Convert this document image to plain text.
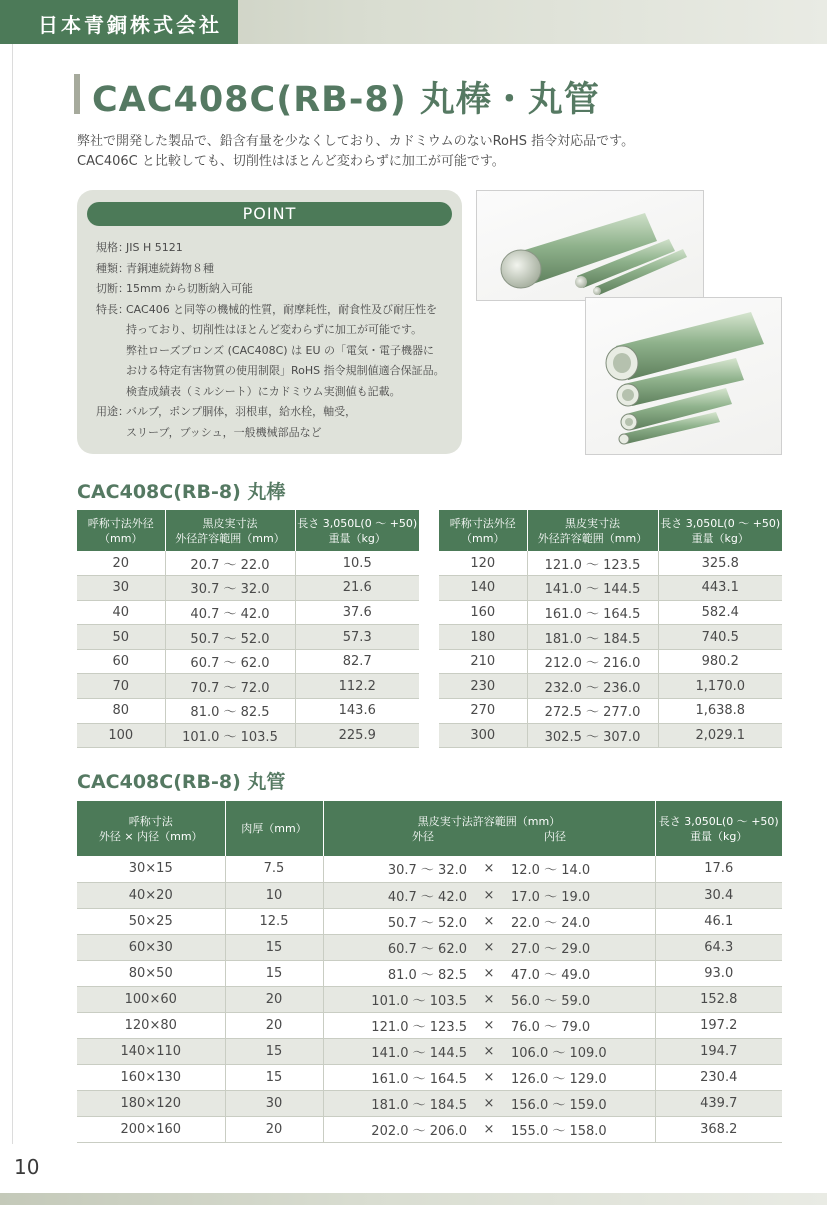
日本青銅株式会社
CAC408C(RB-8) 丸棒・丸管
弊社で開発した製品で、鉛含有量を少なくしており、カドミウムのないRoHS 指令対応品です。
CAC406C と比較しても、切削性はほとんど変わらずに加工が可能です。
POINT
規格：
JIS H 5121
種類：
青銅連続鋳物８種
切断：
15mm から切断納入可能
特長：
CAC406 と同等の機械的性質，耐摩耗性，耐食性及び耐圧性を
持っており、切削性はほとんど変わらずに加工が可能です。
弊社ローズブロンズ (CAC408C) は EU の「電気・電子機器に
おける特定有害物質の使用制限」RoHS 指令規制値適合保証品。
検査成績表（ミルシート）にカドミウム実測値も記載。
用途：
バルブ，ポンプ胴体，羽根車，給水栓，軸受，
スリーブ，ブッシュ，一般機械部品など
CAC408C(RB-8) 丸棒
呼称寸法外径
（mm）	黒皮実寸法
外径許容範囲（mm）	長さ 3,050L(0 ～ +50)
重量（kg）
20	20.7 ～ 22.0	10.5
30	30.7 ～ 32.0	21.6
40	40.7 ～ 42.0	37.6
50	50.7 ～ 52.0	57.3
60	60.7 ～ 62.0	82.7
70	70.7 ～ 72.0	112.2
80	81.0 ～ 82.5	143.6
100	101.0 ～ 103.5	225.9
呼称寸法外径
（mm）	黒皮実寸法
外径許容範囲（mm）	長さ 3,050L(0 ～ +50)
重量（kg）
120	121.0 ～ 123.5	325.8
140	141.0 ～ 144.5	443.1
160	161.0 ～ 164.5	582.4
180	181.0 ～ 184.5	740.5
210	212.0 ～ 216.0	980.2
230	232.0 ～ 236.0	1,170.0
270	272.5 ～ 277.0	1,638.8
300	302.5 ～ 307.0	2,029.1
CAC408C(RB-8) 丸管
呼称寸法
外径 × 内径（mm）	肉厚（mm）	黒皮実寸法許容範囲（mm）

外径 内径	長さ 3,050L(0 ～ +50)
重量（kg）
30×15	7.5	30.7 ～ 32.0 × 12.0 ～ 14.0	17.6
40×20	10	40.7 ～ 42.0 × 17.0 ～ 19.0	30.4
50×25	12.5	50.7 ～ 52.0 × 22.0 ～ 24.0	46.1
60×30	15	60.7 ～ 62.0 × 27.0 ～ 29.0	64.3
80×50	15	81.0 ～ 82.5 × 47.0 ～ 49.0	93.0
100×60	20	101.0 ～ 103.5 × 56.0 ～ 59.0	152.8
120×80	20	121.0 ～ 123.5 × 76.0 ～ 79.0	197.2
140×110	15	141.0 ～ 144.5 × 106.0 ～ 109.0	194.7
160×130	15	161.0 ～ 164.5 × 126.0 ～ 129.0	230.4
180×120	30	181.0 ～ 184.5 × 156.0 ～ 159.0	439.7
200×160	20	202.0 ～ 206.0 × 155.0 ～ 158.0	368.2
10
